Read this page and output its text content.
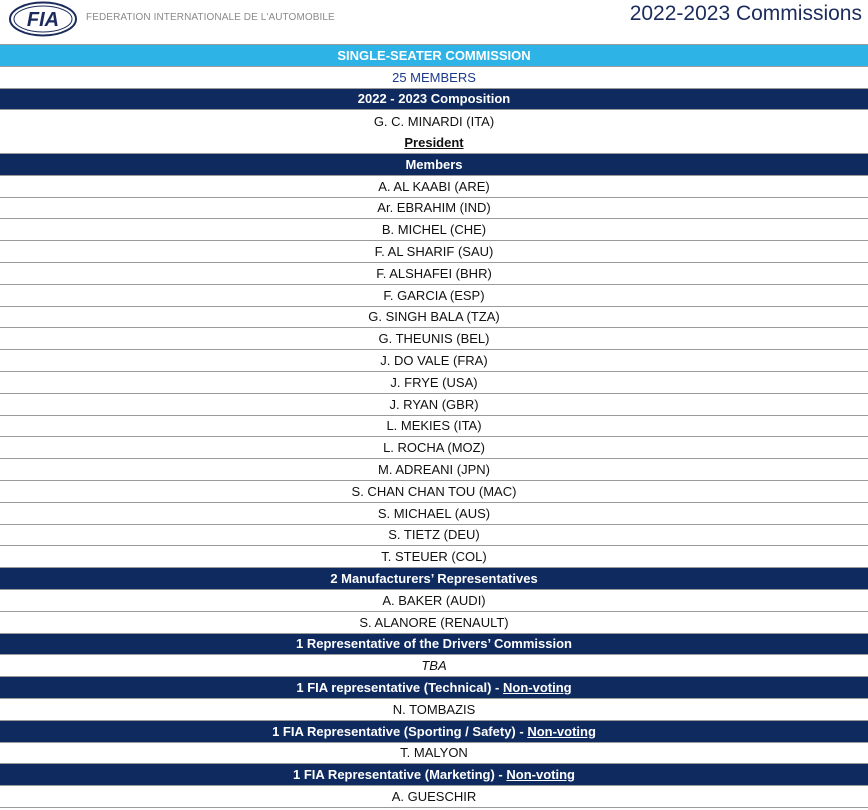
FIA	FEDERATION INTERNATIONALE DE L'AUTOMOBILE	2022-2023 Commissions
SINGLE-SEATER COMMISSION
25 MEMBERS
2022 - 2023 Composition
G. C. MINARDI (ITA)
President
Members
A. AL KAABI (ARE)
Ar. EBRAHIM (IND)
B. MICHEL (CHE)
F. AL SHARIF (SAU)
F. ALSHAFEI (BHR)
F. GARCIA (ESP)
G. SINGH BALA (TZA)
G. THEUNIS (BEL)
J. DO VALE (FRA)
J. FRYE (USA)
J. RYAN (GBR)
L. MEKIES (ITA)
L. ROCHA (MOZ)
M. ADREANI (JPN)
S. CHAN CHAN TOU (MAC)
S. MICHAEL (AUS)
S. TIETZ (DEU)
T. STEUER (COL)
2 Manufacturers’ Representatives
A. BAKER (AUDI)
S. ALANORE (RENAULT)
1 Representative of the Drivers’ Commission
TBA
1 FIA representative (Technical) -
Non-voting
N. TOMBAZIS
1 FIA Representative (Sporting / Safety) -
Non-voting
T. MALYON
1 FIA Representative (Marketing) -
Non-voting
A. GUESCHIR
